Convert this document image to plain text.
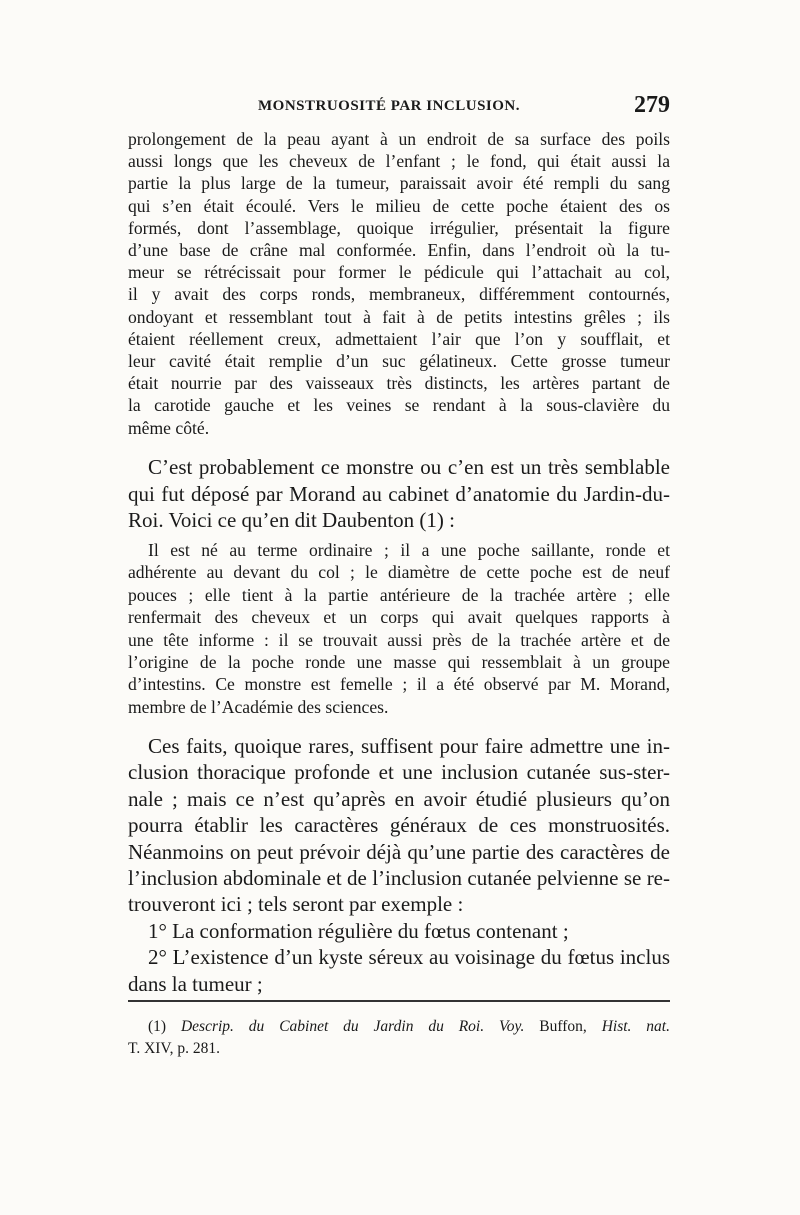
MONSTRUOSITÉ PAR INCLUSION.	279
prolongement de la peau ayant à un endroit de sa surface des poils
aussi longs que les cheveux de l’enfant ; le fond, qui était aussi la
partie la plus large de la tumeur, paraissait avoir été rempli du sang
qui s’en était écoulé. Vers le milieu de cette poche étaient des os
formés, dont l’assemblage, quoique irrégulier, présentait la figure
d’une base de crâne mal conformée. Enfin, dans l’endroit où la tu-
meur se rétrécissait pour former le pédicule qui l’attachait au col,
il y avait des corps ronds, membraneux, différemment contournés,
ondoyant et ressemblant tout à fait à de petits intestins grêles ; ils
étaient réellement creux, admettaient l’air que l’on y soufflait, et
leur cavité était remplie d’un suc gélatineux. Cette grosse tumeur
était nourrie par des vaisseaux très distincts, les artères partant de
la carotide gauche et les veines se rendant à la sous-clavière du
même côté.
C’est probablement ce monstre ou c’en est un très semblable
qui fut déposé par Morand au cabinet d’anatomie du Jardin-du-
Roi. Voici ce qu’en dit Daubenton (1) :
Il est né au terme ordinaire ; il a une poche saillante, ronde et
adhérente au devant du col ; le diamètre de cette poche est de neuf
pouces ; elle tient à la partie antérieure de la trachée artère ; elle
renfermait des cheveux et un corps qui avait quelques rapports à
une tête informe : il se trouvait aussi près de la trachée artère et de
l’origine de la poche ronde une masse qui ressemblait à un groupe
d’intestins. Ce monstre est femelle ; il a été observé par M. Morand,
membre de l’Académie des sciences.
Ces faits, quoique rares, suffisent pour faire admettre une in-
clusion thoracique profonde et une inclusion cutanée sus-ster-
nale ; mais ce n’est qu’après en avoir étudié plusieurs qu’on
pourra établir les caractères généraux de ces monstruosités.
Néanmoins on peut prévoir déjà qu’une partie des caractères de
l’inclusion abdominale et de l’inclusion cutanée pelvienne se re-
trouveront ici ; tels seront par exemple :
1° La conformation régulière du fœtus contenant ;
2° L’existence d’un kyste séreux au voisinage du fœtus inclus
dans la tumeur ;
(1) Descrip. du Cabinet du Jardin du Roi. Voy. Buffon, Hist. nat.
T. XIV, p. 281.
